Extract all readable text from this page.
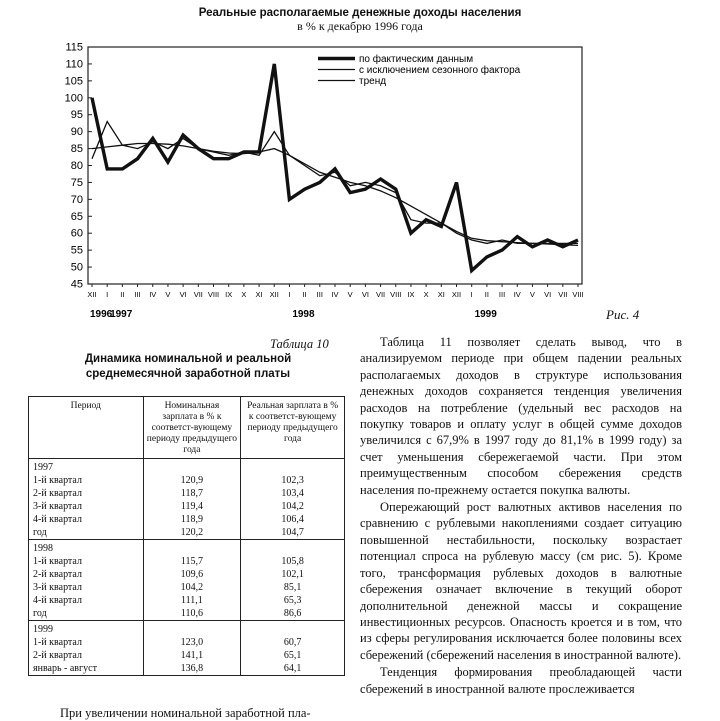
Реальные располагаемые денежные доходы населения
в % к декабрю 1996 года
45
50
55
60
65
70
75
80
85
90
95
100
105
110
115
XII I II III IV V VI VII VIII IX X XI XII I II III IV V VI VII VIII IX X XI XII I II III IV V VI VII VIII
1996
1997	1998	1999
по фактическим данным
с исключением сезонного фактора
тренд
Рис. 4
Таблица 10
Динамика номинальной и реальной
среднемесячной заработной платы
Период	Номинальная зарплата в % к соответст-вующему периоду предыдущего года	Реальная зарплата в % к соответст-вующему периоду предыдущего года
1997		
1-й квартал	120,9	102,3
2-й квартал	118,7	103,4
3-й квартал	119,4	104,2
4-й квартал	118,9	106,4
год	120,2	104,7
1998		
1-й квартал	115,7	105,8
2-й квартал	109,6	102,1
3-й квартал	104,2	85,1
4-й квартал	111,1	65,3
год	110,6	86,6
1999		
1-й квартал	123,0	60,7
2-й квартал	141,1	65,1
январь - август	136,8	64,1
При увеличении номинальной заработной пла-

Таблица 11 позволяет сделать вывод, что в анализируемом периоде при общем падении реальных располагаемых доходов в структуре использования денежных доходов сохраняется тенденция увеличения расходов на потребление (удельный вес расходов на покупку товаров и оплату услуг в общей сумме доходов увеличился с 67,9% в 1997 году до 81,1% в 1999 году) за счет уменьшения сбережегаемой части. При этом преимущественным способом сбережения средств населения по-прежнему остается покупка валюты.

Опережающий рост валютных активов населения по сравнению с рублевыми накоплениями создает ситуацию повышенной нестабильности, поскольку возрастает потенциал спроса на рублевую массу (см рис. 5). Кроме того, трансформация рублевых доходов в валютные сбережения означает включение в текущий оборот дополнительной денежной массы и сокращение инвестиционных ресурсов. Опасность кроется и в том, что из сферы регулирования исключается более половины всех сбережений (сбережений населения в иностранной валюте).

Тенденция формирования преобладающей части сбережений в иностранной валюте прослеживается
